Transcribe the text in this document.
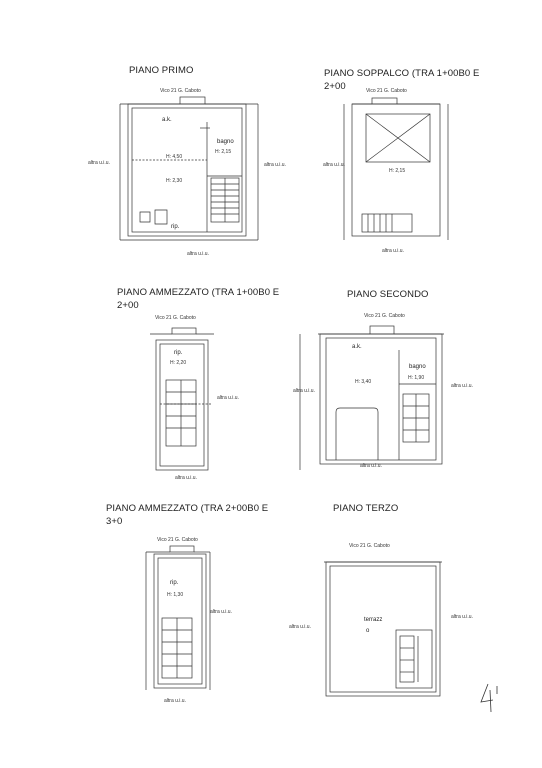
PIANO PRIMO	PIANO SOPPALCO (TRA 1+00B0 E 2+00
PIANO AMMEZZATO (TRA 1+00B0 E 2+00
PIANO SECONDO
PIANO AMMEZZATO (TRA 2+00B0 E 3+0
PIANO TERZO
Vico 21 G. Caboto
a.k.
H: 4,50
bagno
H: 2,15
H: 2,30
rip.
altra u.i.u.	altra u.i.u.
altra u.i.u.
Vico 21 G. Caboto
H: 2,15
altra u.i.u.
altra u.i.u.
Vico 21 G. Caboto
rip.
H: 2,20
altra u.i.u.
altra u.i.u.
Vico 21 G. Caboto
a.k.
H: 3,40
bagno
H: 1,90
altra u.i.u.
altra u.i.u.
altra u.i.u.
Vico 21 G. Caboto
rip.
H: 1,30
altra u.i.u.
altra u.i.u.
Vico 21 G. Caboto
terrazz
o
altra u.i.u.
altra u.i.u.
